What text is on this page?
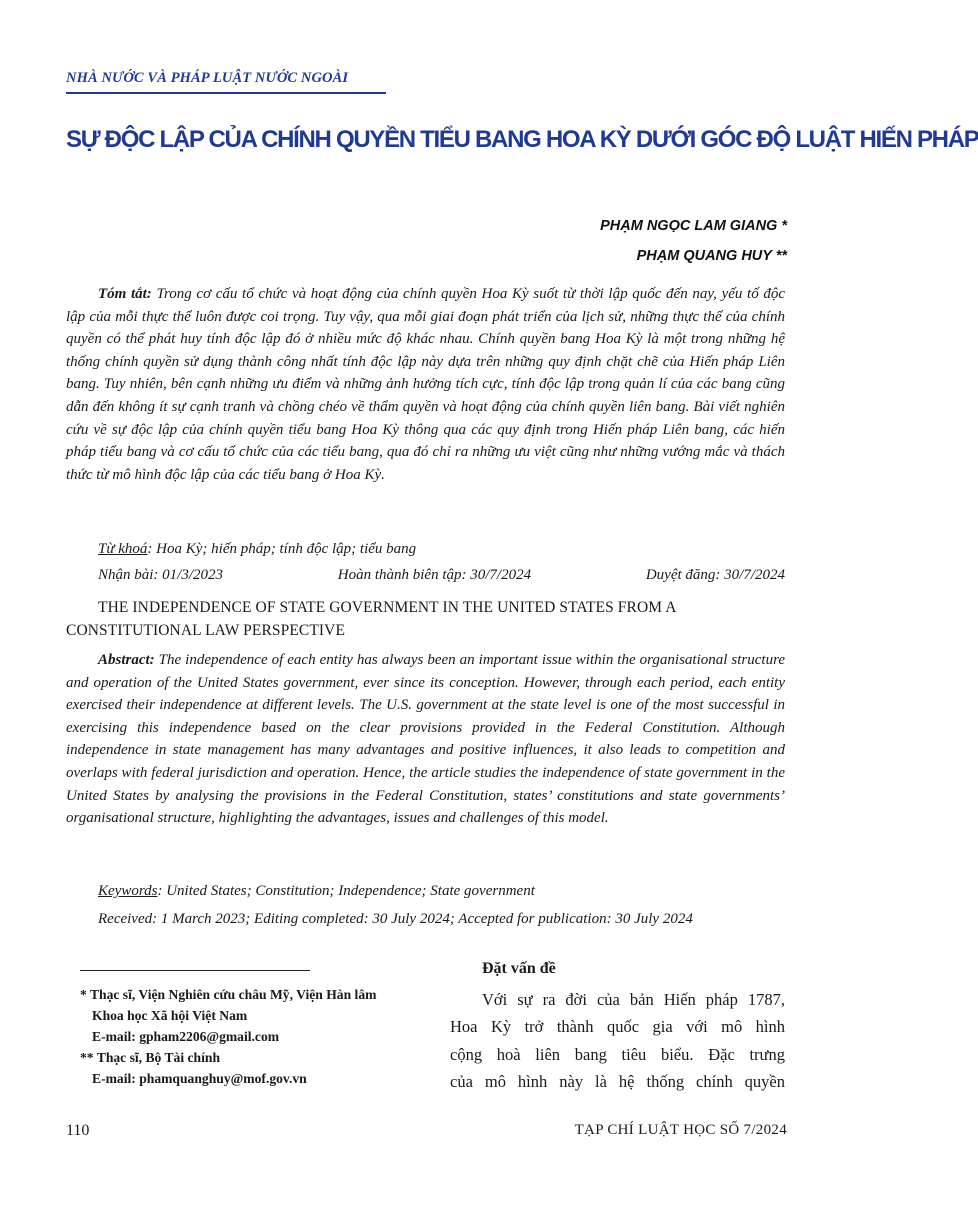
NHÀ NƯỚC VÀ PHÁP LUẬT NƯỚC NGOÀI
SỰ ĐỘC LẬP CỦA CHÍNH QUYỀN TIỂU BANG HOA KỲ DƯỚI GÓC ĐỘ LUẬT HIẾN PHÁP
PHẠM NGỌC LAM GIANG *
PHẠM QUANG HUY **

Tóm tắt: Trong cơ cấu tổ chức và hoạt động của chính quyền Hoa Kỳ suốt từ thời lập quốc đến nay, yếu tố độc lập của mỗi thực thể luôn được coi trọng. Tuy vậy, qua mỗi giai đoạn phát triển của lịch sử, những thực thể của chính quyền có thể phát huy tính độc lập đó ở nhiều mức độ khác nhau. Chính quyền bang Hoa Kỳ là một trong những hệ thống chính quyền sử dụng thành công nhất tính độc lập này dựa trên những quy định chặt chẽ của Hiến pháp Liên bang. Tuy nhiên, bên cạnh những ưu điểm và những ảnh hưởng tích cực, tính độc lập trong quản lí của các bang cũng dẫn đến không ít sự cạnh tranh và chồng chéo về thẩm quyền và hoạt động của chính quyền liên bang. Bài viết nghiên cứu về sự độc lập của chính quyền tiểu bang Hoa Kỳ thông qua các quy định trong Hiến pháp Liên bang, các hiến pháp tiểu bang và cơ cấu tổ chức của các tiểu bang, qua đó chỉ ra những ưu việt cũng như những vướng mắc và thách thức từ mô hình độc lập của các tiểu bang ở Hoa Kỳ.

Từ khoá: Hoa Kỳ; hiến pháp; tính độc lập; tiểu bang
Nhận bài: 01/3/2023	Hoàn thành biên tập: 30/7/2024	Duyệt đăng: 30/7/2024

THE INDEPENDENCE OF STATE GOVERNMENT IN THE UNITED STATES FROM A CONSTITUTIONAL LAW PERSPECTIVE

Abstract: The independence of each entity has always been an important issue within the organisational structure and operation of the United States government, ever since its conception. However, through each period, each entity exercised their independence at different levels. The U.S. government at the state level is one of the most successful in exercising this independence based on the clear provisions provided in the Federal Constitution. Although independence in state management has many advantages and positive influences, it also leads to competition and overlaps with federal jurisdiction and operation. Hence, the article studies the independence of state government in the United States by analysing the provisions in the Federal Constitution, states’ constitutions and state governments’ organisational structure, highlighting the advantages, issues and challenges of this model.

Keywords: United States; Constitution; Independence; State government
Received: 1 March 2023; Editing completed: 30 July 2024; Accepted for publication: 30 July 2024
* Thạc sĩ, Viện Nghiên cứu châu Mỹ, Viện Hàn lâm
Khoa học Xã hội Việt Nam
E-mail: gpham2206@gmail.com
** Thạc sĩ, Bộ Tài chính
E-mail: phamquanghuy@mof.gov.vn
Đặt vấn đề

Với sự ra đời của bản Hiến pháp 1787,
Hoa Kỳ trở thành quốc gia với mô hình
cộng hoà liên bang tiêu biểu. Đặc trưng
của mô hình này là hệ thống chính quyền

110	TẠP CHÍ LUẬT HỌC SỐ 7/2024
